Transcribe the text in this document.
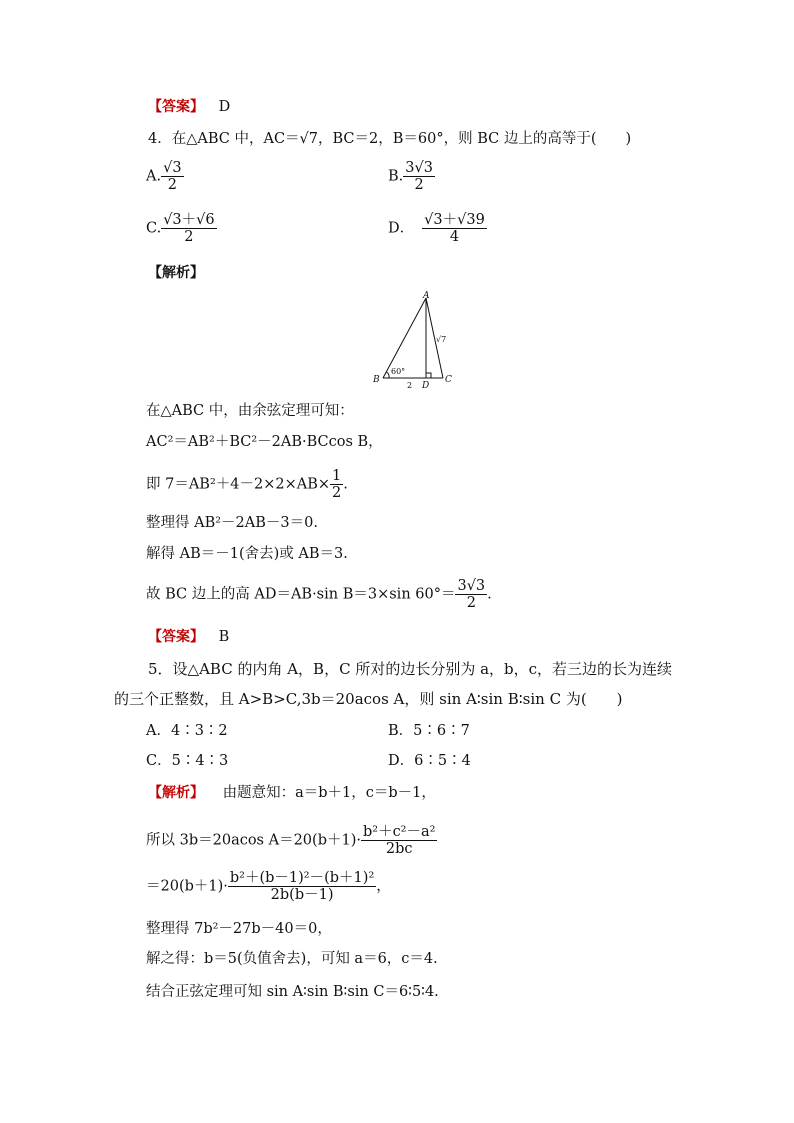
【答案】 D
4．在△ABC 中，AC＝√7，BC＝2，B＝60°，则 BC 边上的高等于(　　)
A. $\frac{√3}{2}$	B. $\frac{3√3}{2}$
C. $\frac{√3+√6}{2}$	D． $\frac{√3+√39}{4}$
【解析】
A
B	C
D
60°
√7
2
在△ABC 中，由余弦定理可知：
AC²＝AB²＋BC²－2AB·BCcos B，
即 $7=AB^2+4-2\times 2\times AB\times \frac{1}{2}$ .
整理得 AB²－2AB－3＝0.
解得 AB＝－1(舍去)或 AB＝3.
故 BC 边上的高 AD＝AB·sin B＝3×sin $60^\circ= \frac{3√3}{2}$ .
【答案】 B
5．设△ABC 的内角 A，B，C 所对的边长分别为 a，b，c，若三边的长为连续
的三个正整数，且 A>B>C,3b＝20acos A，则 sin A∶sin B∶sin C 为(　　)
A．4∶3∶2	B．5∶6∶7
C．5∶4∶3	D．6∶5∶4
【解析】 由题意知：a＝b＋1，c＝b－1，
所以 3b＝20acos $A=20(b+1)\cdot \frac{\text{b²＋c²－a²}}{2bc}$
$=20(b+1)\cdot \frac{\text{b²＋(b－1)²－(b＋1)²}}{2b(b-1)}$ ，
整理得 7b²－27b－40＝0，
解之得：b＝5(负值舍去)，可知 a＝6，c＝4.
结合正弦定理可知 sin A∶sin B∶sin C＝6∶5∶4.
